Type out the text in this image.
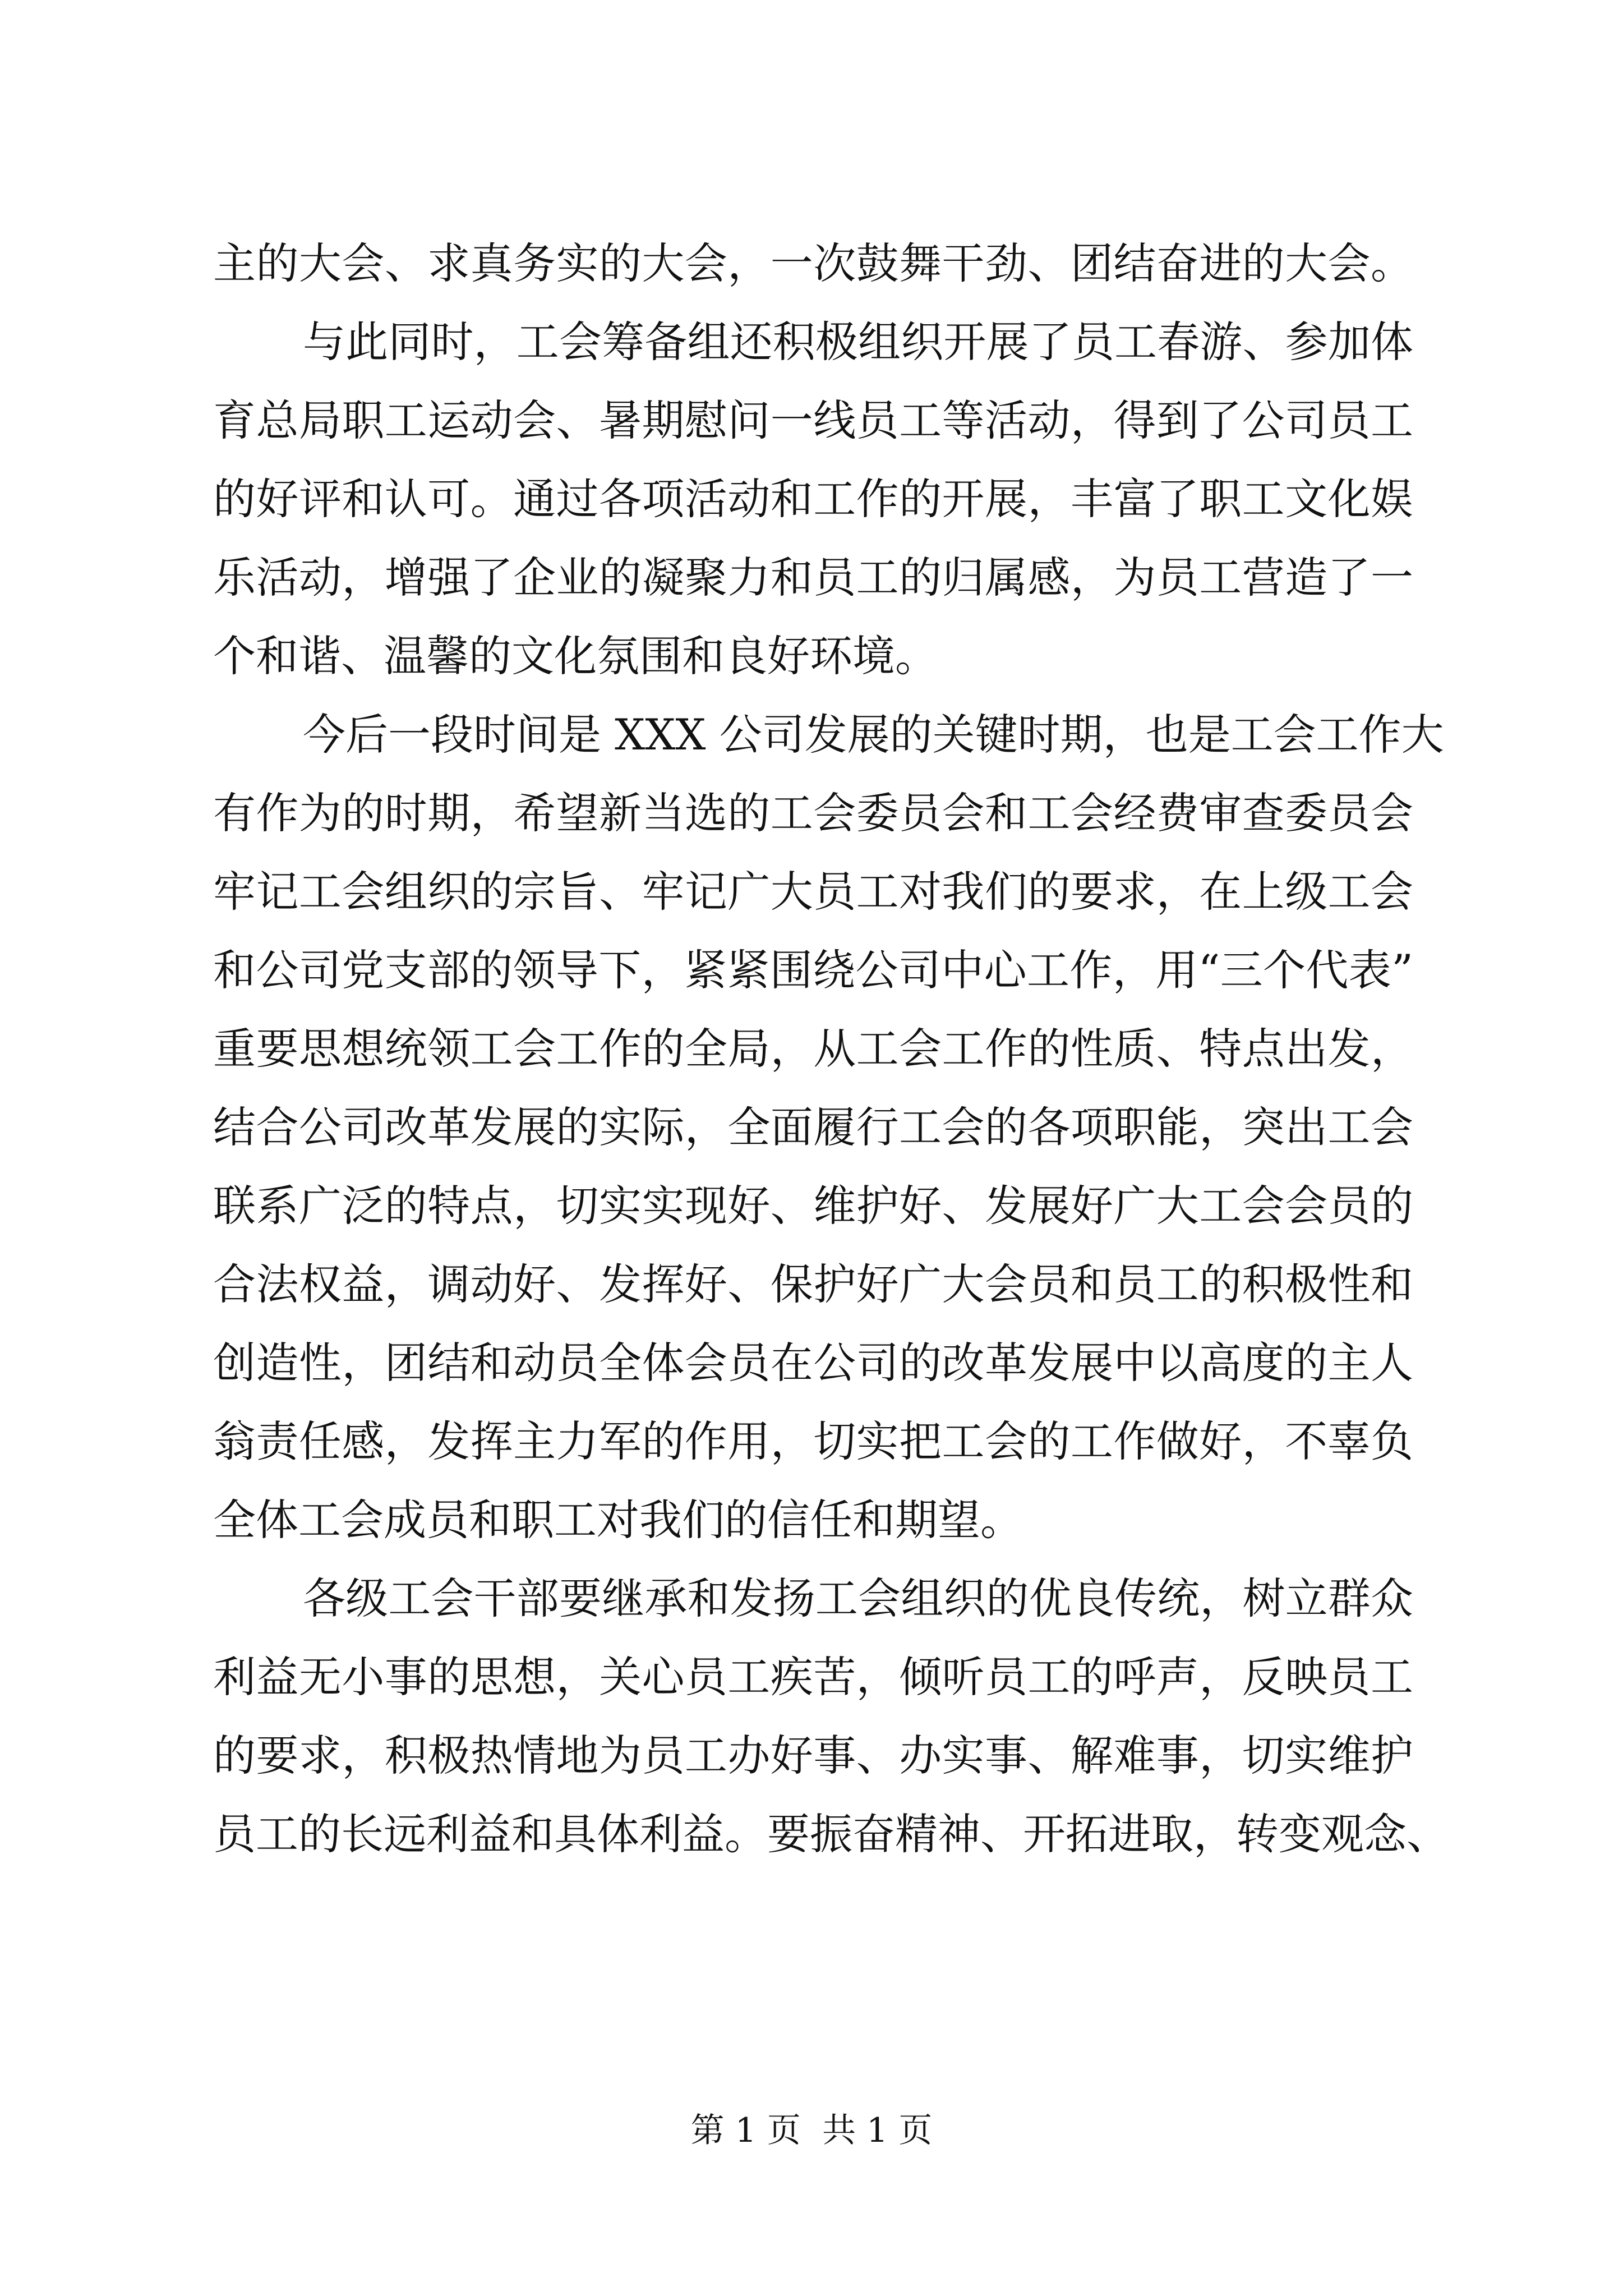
主的大会、求真务实的大会，一次鼓舞干劲、团结奋进的大会。
与此同时，工会筹备组还积极组织开展了员工春游、参加体
育总局职工运动会、暑期慰问一线员工等活动，得到了公司员工
的好评和认可。通过各项活动和工作的开展，丰富了职工文化娱
乐活动，增强了企业的凝聚力和员工的归属感，为员工营造了一
个和谐、温馨的文化氛围和良好环境。
今后一段时间是 XXX 公司发展的关键时期，也是工会工作大
有作为的时期，希望新当选的工会委员会和工会经费审查委员会
牢记工会组织的宗旨、牢记广大员工对我们的要求，在上级工会
和公司党支部的领导下，紧紧围绕公司中心工作，用“三个代表”
重要思想统领工会工作的全局，从工会工作的性质、特点出发，
结合公司改革发展的实际，全面履行工会的各项职能，突出工会
联系广泛的特点，切实实现好、维护好、发展好广大工会会员的
合法权益，调动好、发挥好、保护好广大会员和员工的积极性和
创造性，团结和动员全体会员在公司的改革发展中以高度的主人
翁责任感，发挥主力军的作用，切实把工会的工作做好，不辜负
全体工会成员和职工对我们的信任和期望。
各级工会干部要继承和发扬工会组织的优良传统，树立群众
利益无小事的思想，关心员工疾苦，倾听员工的呼声，反映员工
的要求，积极热情地为员工办好事、办实事、解难事，切实维护
员工的长远利益和具体利益。要振奋精神、开拓进取，转变观念、
第 1 页  共 1 页
